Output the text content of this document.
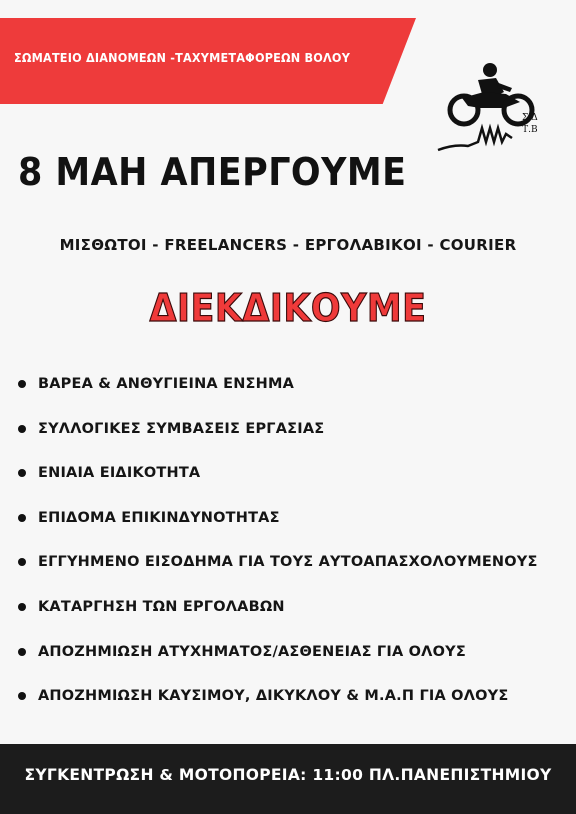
ΣΩΜΑΤΕΙΟ ΔΙΑΝΟΜΕΩΝ -ΤΑΧΥΜΕΤΑΦΟΡΕΩΝ ΒΟΛΟΥ
Σ.Δ
Τ.Β
8 ΜΑΗ ΑΠΕΡΓΟΥΜΕ
ΜΙΣΘΩΤΟΙ - FREELANCERS - ΕΡΓΟΛΑΒΙΚΟΙ - COURIER
ΔΙΕΚΔΙΚΟΥΜΕ
ΒΑΡΕΑ & ΑΝΘΥΓΙΕΙΝΑ ΕΝΣΗΜΑ
ΣΥΛΛΟΓΙΚΕΣ ΣΥΜΒΑΣΕΙΣ ΕΡΓΑΣΙΑΣ
ΕΝΙΑΙΑ ΕΙΔΙΚΟΤΗΤΑ
ΕΠΙΔΟΜΑ ΕΠΙΚΙΝΔΥΝΟΤΗΤΑΣ
ΕΓΓΥΗΜΕΝΟ ΕΙΣΟΔΗΜΑ ΓΙΑ ΤΟΥΣ ΑΥΤΟΑΠΑΣΧΟΛΟΥΜΕΝΟΥΣ
ΚΑΤΑΡΓΗΣΗ ΤΩΝ ΕΡΓΟΛΑΒΩΝ
ΑΠΟΖΗΜΙΩΣΗ ΑΤΥΧΗΜΑΤΟΣ/ΑΣΘΕΝΕΙΑΣ ΓΙΑ ΟΛΟΥΣ
ΑΠΟΖΗΜΙΩΣΗ ΚΑΥΣΙΜΟΥ, ΔΙΚΥΚΛΟΥ & Μ.Α.Π ΓΙΑ ΟΛΟΥΣ
ΣΥΓΚΕΝΤΡΩΣΗ & ΜΟΤΟΠΟΡΕΙΑ: 11:00 ΠΛ.ΠΑΝΕΠΙΣΤΗΜΙΟΥ
